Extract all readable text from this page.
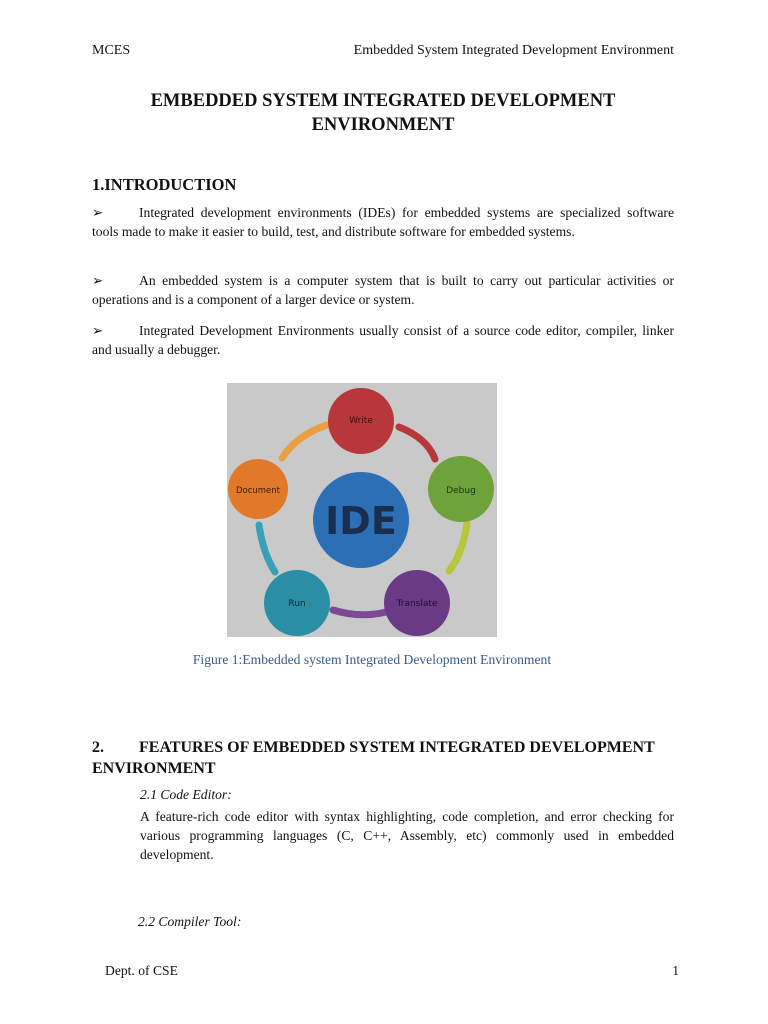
MCES	Embedded System Integrated Development Environment
EMBEDDED SYSTEM INTEGRATED DEVELOPMENT ENVIRONMENT
1.INTRODUCTION
➢	Integrated development environments (IDEs) for embedded systems are specialized software tools made to make it easier to build, test, and distribute software for embedded systems.
➢	An embedded system is a computer system that is built to carry out particular activities or operations and is a component of a larger device or system.
➢	Integrated Development Environments usually consist of a source code editor, compiler, linker and usually a debugger.
IDE
Write
Debug
Translate
Run
Document
Figure 1:Embedded system Integrated Development Environment
2. FEATURES OF EMBEDDED SYSTEM INTEGRATED DEVELOPMENT ENVIRONMENT
2.1 Code Editor:
A feature-rich code editor with syntax highlighting, code completion, and error checking for various programming languages (C, C++, Assembly, etc) commonly used in embedded development.
2.2 Compiler Tool:
Dept. of CSE	1
